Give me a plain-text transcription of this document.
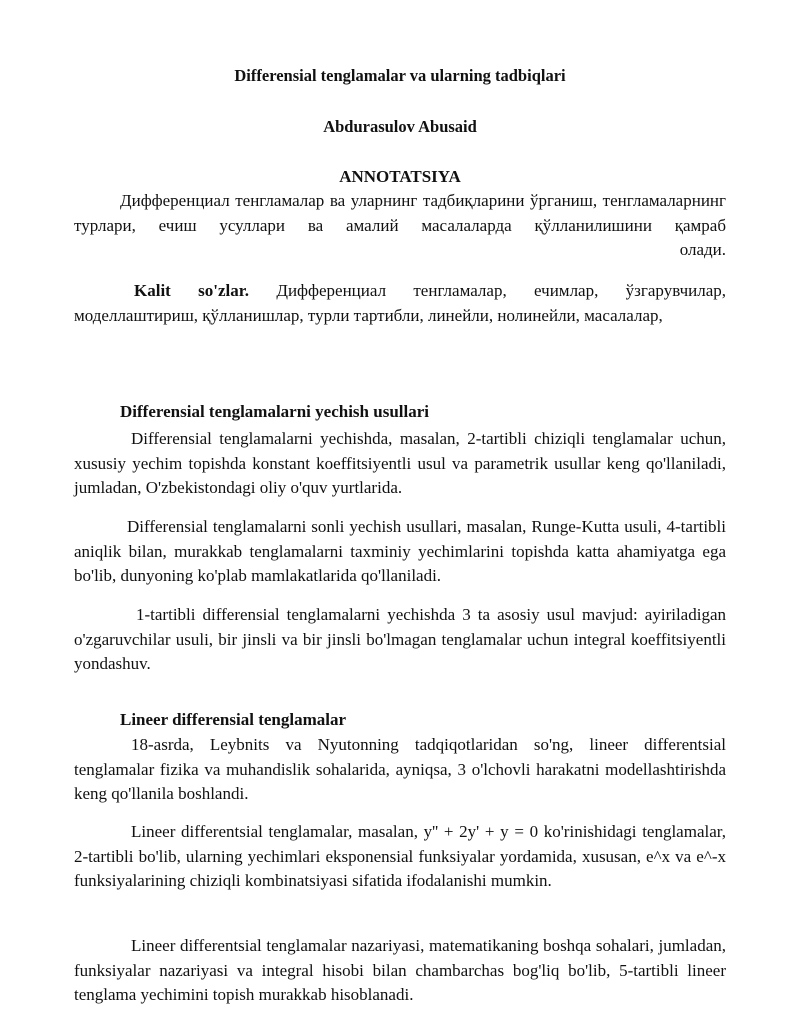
Differensial tenglamalar va ularning tadbiqlari
Abdurasulov Abusaid
ANNOTATSIYA

Дифференциал тенгламалар ва уларнинг тадбиқларини ўрганиш, тенгламаларнинг турлари, ечиш усуллари ва амалий масалаларда қўлланилишини қамраб

олади.

Kalit so'zlar. Дифференциал тенгламалар, ечимлар, ўзгарувчилар, моделлаштириш, қўлланишлар, турли тартибли, линейли, нолинейли, масалалар,

Differensial tenglamalarni yechish usullari

Differensial tenglamalarni yechishda, masalan, 2-tartibli chiziqli tenglamalar uchun, xususiy yechim topishda konstant koeffitsiyentli usul va parametrik usullar keng qo'llaniladi, jumladan, O'zbekistondagi oliy o'quv yurtlarida.

Differensial tenglamalarni sonli yechish usullari, masalan, Runge-Kutta usuli, 4-tartibli aniqlik bilan, murakkab tenglamalarni taxminiy yechimlarini topishda katta ahamiyatga ega bo'lib, dunyoning ko'plab mamlakatlarida qo'llaniladi.

1-tartibli differensial tenglamalarni yechishda 3 ta asosiy usul mavjud: ayiriladigan o'zgaruvchilar usuli, bir jinsli va bir jinsli bo'lmagan tenglamalar uchun integral koeffitsiyentli yondashuv.

Lineer differensial tenglamalar

18-asrda, Leybnits va Nyutonning tadqiqotlaridan so'ng, lineer differentsial tenglamalar fizika va muhandislik sohalarida, ayniqsa, 3 o'lchovli harakatni modellashtirishda keng qo'llanila boshlandi.

Lineer differentsial tenglamalar, masalan, y'' + 2y' + y = 0 ko'rinishidagi tenglamalar, 2-tartibli bo'lib, ularning yechimlari eksponensial funksiyalar yordamida, xususan, e^x va e^-x funksiyalarining chiziqli kombinatsiyasi sifatida ifodalanishi mumkin.

Lineer differentsial tenglamalar nazariyasi, matematikaning boshqa sohalari, jumladan, funksiyalar nazariyasi va integral hisobi bilan chambarchas bog'liq bo'lib, 5-tartibli lineer tenglama yechimini topish murakkab hisoblanadi.
